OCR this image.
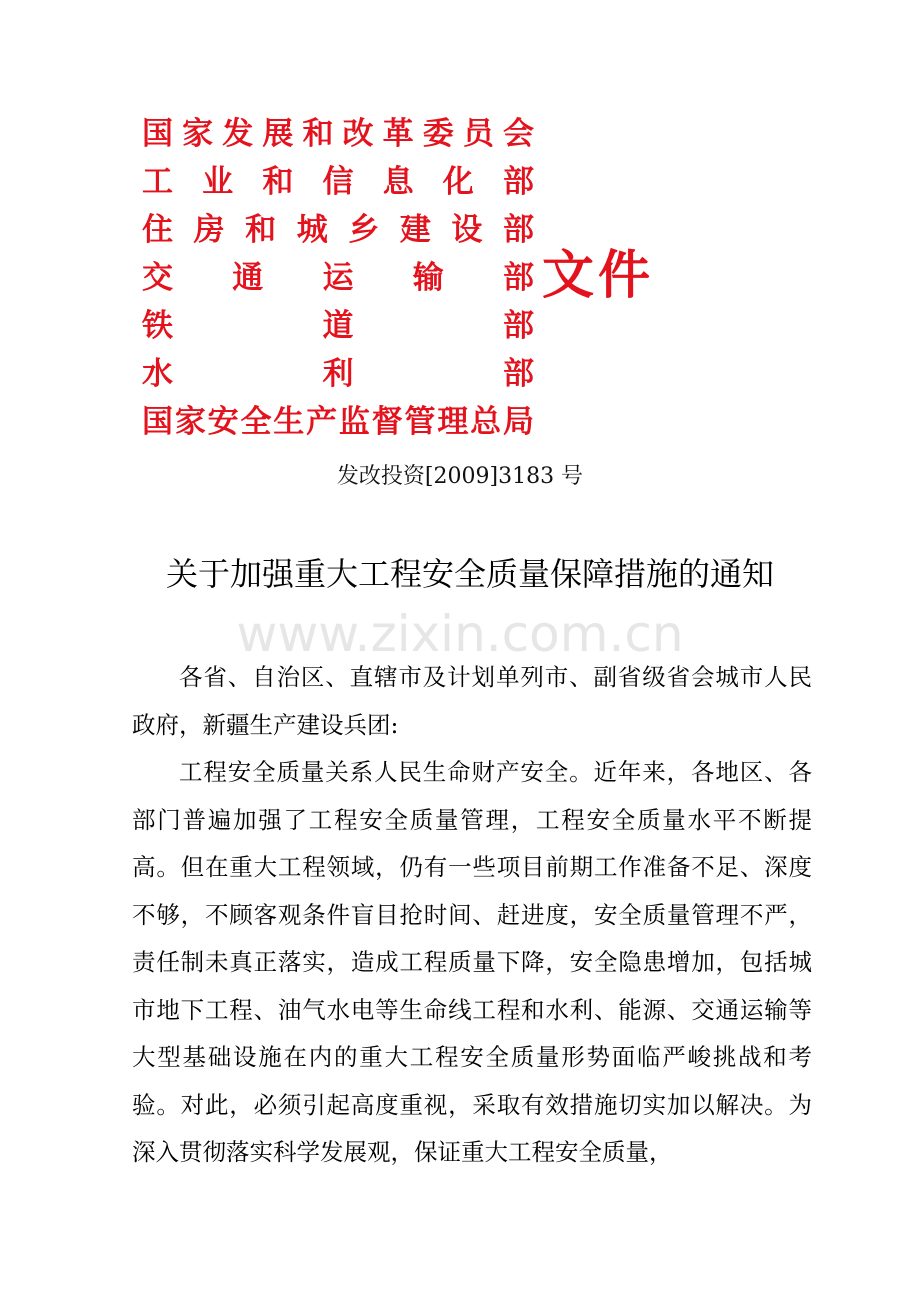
国 家 发 展 和 改 革 委 员 会
工 业 和 信 息 化 部
住 房 和 城 乡 建 设 部
交 通 运 输 部
铁	道	部
水	利	部
国 家 安 全 生 产 监 督 管 理 总 局
文件
发改投资[2009]3183 号
关于加强重大工程安全质量保障措施的通知
www.zixin.com.cn

各省、自治区、直辖市及计划单列市、副省级省会城市人民政府，新疆生产建设兵团:

工程安全质量关系人民生命财产安全。近年来，各地区、各部门普遍加强了工程安全质量管理，工程安全质量水平不断提高。但在重大工程领域，仍有一些项目前期工作准备不足、深度不够，不顾客观条件盲目抢时间、赶进度，安全质量管理不严，责任制未真正落实，造成工程质量下降，安全隐患增加，包括城市地下工程、油气水电等生命线工程和水利、能源、交通运输等大型基础设施在内的重大工程安全质量形势面临严峻挑战和考验。对此，必须引起高度重视，采取有效措施切实加以解决。为深入贯彻落实科学发展观，保证重大工程安全质量，
